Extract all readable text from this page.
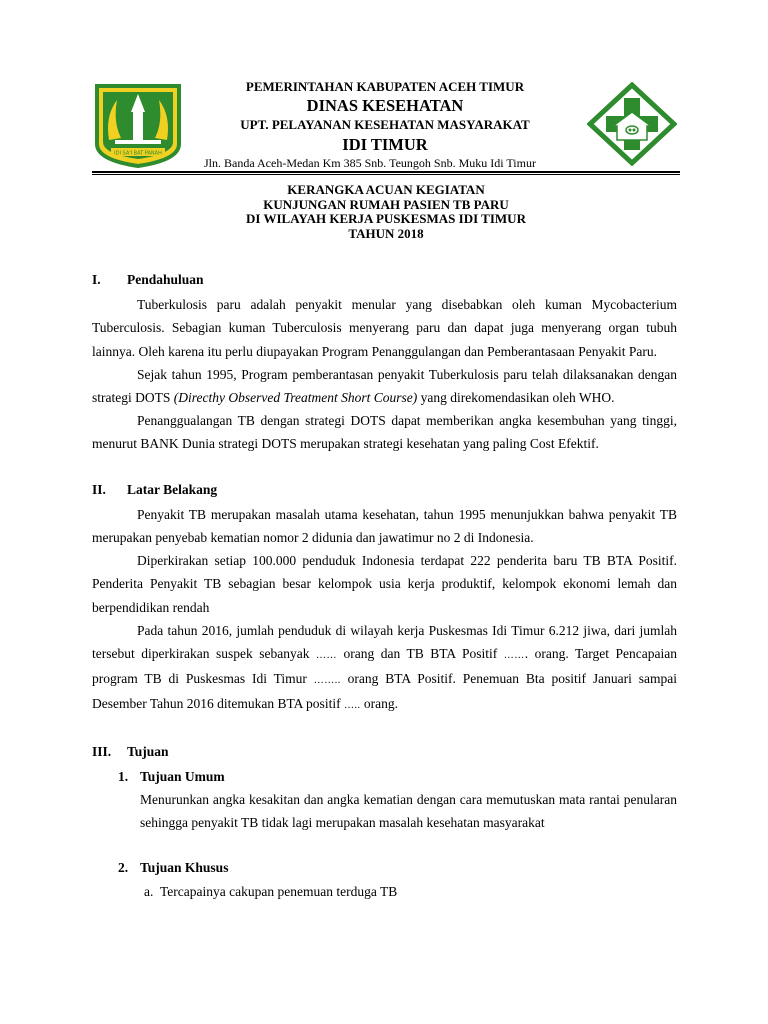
IDI SA'I BAT PANAH
PEMERINTAHAN KABUPATEN ACEH TIMUR
DINAS KESEHATAN
UPT. PELAYANAN KESEHATAN MASYARAKAT
IDI TIMUR
Jln. Banda Aceh-Medan Km 385 Snb. Teungoh Snb. Muku Idi Timur
KERANGKA ACUAN KEGIATAN
KUNJUNGAN RUMAH PASIEN TB PARU
DI WILAYAH KERJA PUSKESMAS IDI TIMUR
TAHUN 2018
I.	Pendahuluan

Tuberkulosis paru adalah penyakit menular yang disebabkan oleh kuman Mycobacterium Tuberculosis. Sebagian kuman Tuberculosis menyerang paru dan dapat juga menyerang organ tubuh lainnya. Oleh karena itu perlu diupayakan Program Penanggulangan dan Pemberantasaan Penyakit Paru.

Sejak tahun 1995, Program pemberantasan penyakit Tuberkulosis paru telah dilaksanakan dengan strategi DOTS (Directhy Observed Treatment Short Course) yang direkomendasikan oleh WHO.

Penanggualangan TB dengan strategi DOTS dapat memberikan angka kesembuhan yang tinggi, menurut BANK Dunia strategi DOTS merupakan strategi kesehatan yang paling Cost Efektif.

II.	Latar Belakang

Penyakit TB merupakan masalah utama kesehatan, tahun 1995 menunjukkan bahwa penyakit TB merupakan penyebab kematian nomor 2 didunia dan jawatimur no 2 di Indonesia.

Diperkirakan setiap 100.000 penduduk Indonesia terdapat 222 penderita baru TB BTA Positif. Penderita Penyakit TB sebagian besar kelompok usia kerja produktif, kelompok ekonomi lemah dan berpendidikan rendah

Pada tahun 2016, jumlah penduduk di wilayah kerja Puskesmas Idi Timur 6.212 jiwa, dari jumlah tersebut diperkirakan suspek sebanyak …… orang dan TB BTA Positif ……. orang. Target Pencapaian program TB di Puskesmas Idi Timur …….. orang BTA Positif. Penemuan Bta positif Januari sampai Desember Tahun 2016 ditemukan BTA positif ….. orang.

III.	Tujuan
1. Tujuan Umum

Menurunkan angka kesakitan dan angka kematian dengan cara memutuskan mata rantai penularan sehingga penyakit TB tidak lagi merupakan masalah kesehatan masyarakat

2. Tujuan Khusus
a. Tercapainya cakupan penemuan terduga TB
